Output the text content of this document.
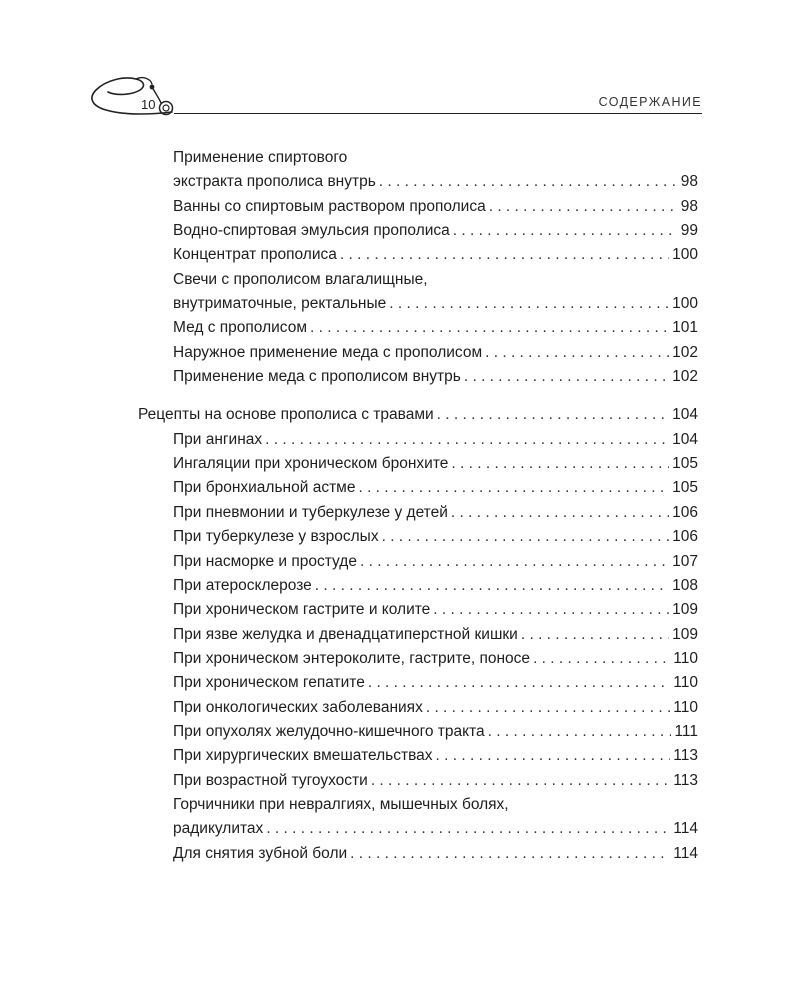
10	СОДЕРЖАНИЕ
Применение спиртового
экстракта прополиса внутрь . . .	98
Ванны со спиртовым раствором прополиса . . .	98
Водно-спиртовая эмульсия прополиса . . .	99
Концентрат прополиса . . .	100
Свечи с прополисом влагалищные,
внутриматочные, ректальные . . .	100
Мед с прополисом . . .	101
Наружное применение меда с прополисом . . .	102
Применение меда с прополисом внутрь . . .	102
Рецепты на основе прополиса с травами . . .	104
При ангинах . . .	104
Ингаляции при хроническом бронхите . . .	105
При бронхиальной астме . . .	105
При пневмонии и туберкулезе у детей . . .	106
При туберкулезе у взрослых . . .	106
При насморке и простуде . . .	107
При атеросклерозе . . .	108
При хроническом гастрите и колите . . .	109
При язве желудка и двенадцатиперстной кишки . . .	109
При хроническом энтероколите, гастрите, поносе . . .	110
При хроническом гепатите . . .	110
При онкологических заболеваниях . . .	110
При опухолях желудочно-кишечного тракта . . .	111
При хирургических вмешательствах . . .	113
При возрастной тугоухости . . .	113
Горчичники при невралгиях, мышечных болях,
радикулитах . . .	114
Для снятия зубной боли . . .	114
